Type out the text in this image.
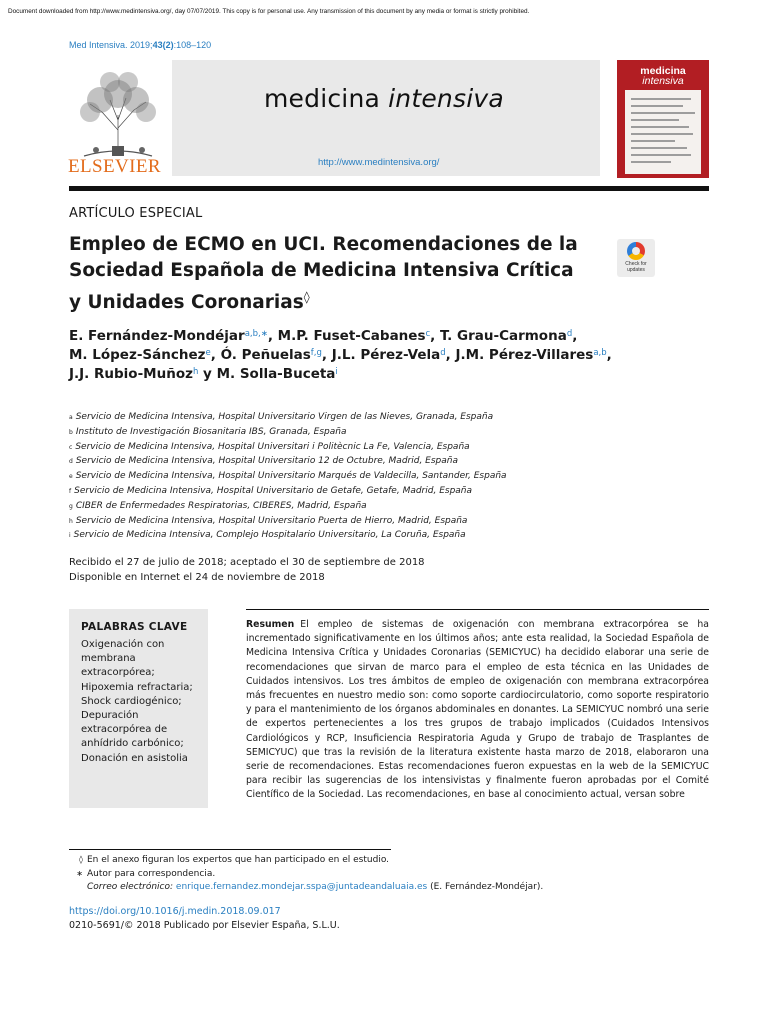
Document downloaded from http://www.medintensiva.org/, day 07/07/2019. This copy is for personal use. Any transmission of this document by any media or format is strictly prohibited.
Med Intensiva. 2019;43(2):108–120
ELSEVIER
medicina intensiva
http://www.medintensiva.org/
medicina
intensiva
ARTÍCULO ESPECIAL
Empleo de ECMO en UCI. Recomendaciones de la Sociedad Española de Medicina Intensiva Crítica y Unidades Coronarias◊
Check for updates
E. Fernández-Mondéjar$^{a,b,∗}$, M.P. Fuset-Cabanes$^c$, T. Grau-Carmona$^d$,
M. López-Sánchez$^e$, Ó. Peñuelas$^{f,g}$, J.L. Pérez-Vela$^d$, J.M. Pérez-Villares$^{a,b}$,
J.J. Rubio-Muñoz$^h$ y M. Solla-Buceta$^i$
$^a$ Servicio de Medicina Intensiva, Hospital Universitario Virgen de las Nieves, Granada, España
$^b$ Instituto de Investigación Biosanitaria IBS, Granada, España
$^c$ Servicio de Medicina Intensiva, Hospital Universitari i Politècnic La Fe, Valencia, España
$^d$ Servicio de Medicina Intensiva, Hospital Universitario 12 de Octubre, Madrid, España
$^e$ Servicio de Medicina Intensiva, Hospital Universitario Marqués de Valdecilla, Santander, España
$^f$ Servicio de Medicina Intensiva, Hospital Universitario de Getafe, Getafe, Madrid, España
$^g$ CIBER de Enfermedades Respiratorias, CIBERES, Madrid, España
$^h$ Servicio de Medicina Intensiva, Hospital Universitario Puerta de Hierro, Madrid, España
$^i$ Servicio de Medicina Intensiva, Complejo Hospitalario Universitario, La Coruña, España
Recibido el 27 de julio de 2018; aceptado el 30 de septiembre de 2018
Disponible en Internet el 24 de noviembre de 2018
PALABRAS CLAVE
Oxigenación con membrana extracorpórea;
Hipoxemia refractaria;
Shock cardiogénico;
Depuración extracorpórea de anhídrido carbónico;
Donación en asistolia
Resumen El empleo de sistemas de oxigenación con membrana extracorpórea se ha incrementado significativamente en los últimos años; ante esta realidad, la Sociedad Española de Medicina Intensiva Crítica y Unidades Coronarias (SEMICYUC) ha decidido elaborar una serie de recomendaciones que sirvan de marco para el empleo de esta técnica en las Unidades de Cuidados intensivos. Los tres ámbitos de empleo de oxigenación con membrana extracorpórea más frecuentes en nuestro medio son: como soporte cardiocirculatorio, como soporte respiratorio y para el mantenimiento de los órganos abdominales en donantes. La SEMICYUC nombró una serie de expertos pertenecientes a los tres grupos de trabajo implicados (Cuidados Intensivos Cardiológicos y RCP, Insuficiencia Respiratoria Aguda y Grupo de trabajo de Trasplantes de SEMICYUC) que tras la revisión de la literatura existente hasta marzo de 2018, elaboraron una serie de recomendaciones. Estas recomendaciones fueron expuestas en la web de la SEMICYUC para recibir las sugerencias de los intensivistas y finalmente fueron aprobadas por el Comité Científico de la Sociedad. Las recomendaciones, en base al conocimiento actual, versan sobre
◊ En el anexo figuran los expertos que han participado en el estudio.
∗ Autor para correspondencia.
Correo electrónico: enrique.fernandez.mondejar.sspa@juntadeandaluaia.es (E. Fernández-Mondéjar).
https://doi.org/10.1016/j.medin.2018.09.017
0210-5691/© 2018 Publicado por Elsevier España, S.L.U.
